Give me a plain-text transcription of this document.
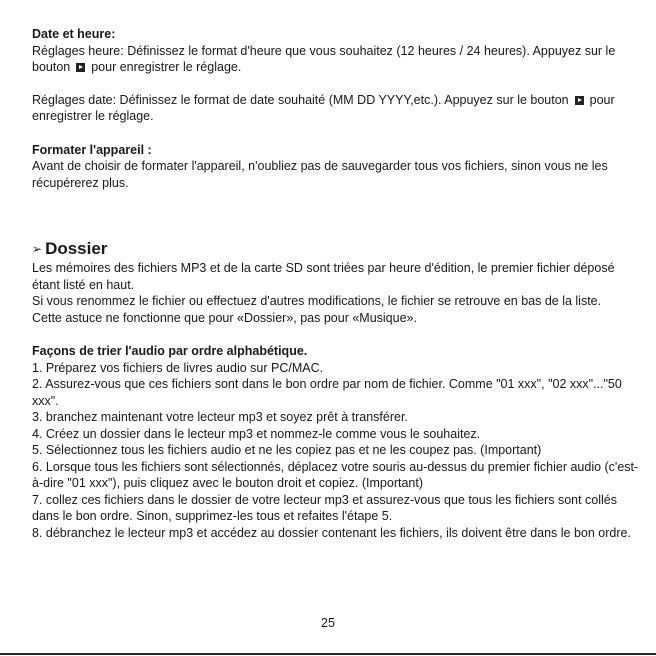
Date et heure:

Réglages heure: Définissez le format d'heure que vous souhaitez (12 heures / 24 heures). Appuyez sur le bouton pour enregistrer le réglage.

Réglages date: Définissez le format de date souhaité (MM DD YYYY,etc.). Appuyez sur le bouton pour enregistrer le réglage.

Formater l'appareil :

Avant de choisir de formater l'appareil, n'oubliez pas de sauvegarder tous vos fichiers, sinon vous ne les récupérerez plus.

➢ Dossier

Les mémoires des fichiers MP3 et de la carte SD sont triées par heure d'édition, le premier fichier déposé étant listé en haut.

Si vous renommez le fichier ou effectuez d'autres modifications, le fichier se retrouve en bas de la liste.

Cette astuce ne fonctionne que pour «Dossier», pas pour «Musique».

Façons de trier l'audio par ordre alphabétique.

1. Préparez vos fichiers de livres audio sur PC/MAC.

2. Assurez-vous que ces fichiers sont dans le bon ordre par nom de fichier. Comme "01 xxx", "02 xxx"..."50 xxx".

3. branchez maintenant votre lecteur mp3 et soyez prêt à transférer.

4. Créez un dossier dans le lecteur mp3 et nommez-le comme vous le souhaitez.

5. Sélectionnez tous les fichiers audio et ne les copiez pas et ne les coupez pas. (Important)

6. Lorsque tous les fichiers sont sélectionnés, déplacez votre souris au-dessus du premier fichier audio (c'est-à-dire "01 xxx"), puis cliquez avec le bouton droit et copiez. (Important)

7. collez ces fichiers dans le dossier de votre lecteur mp3 et assurez-vous que tous les fichiers sont collés dans le bon ordre. Sinon, supprimez-les tous et refaites l'étape 5.

8. débranchez le lecteur mp3 et accédez au dossier contenant les fichiers, ils doivent être dans le bon ordre.

25
